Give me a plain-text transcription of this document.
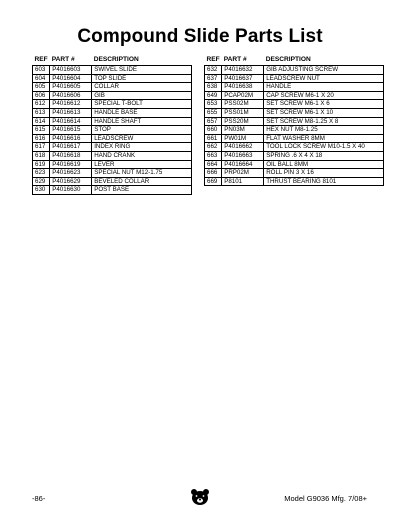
Compound Slide Parts List
REF	PART #	DESCRIPTION
603	P4016603	SWIVEL SLIDE
604	P4016604	TOP SLIDE
605	P4016605	COLLAR
606	P4016606	GIB
612	P4016612	SPECIAL T-BOLT
613	P4016613	HANDLE BASE
614	P4016614	HANDLE SHAFT
615	P4016615	STOP
616	P4016616	LEADSCREW
617	P4016617	INDEX RING
618	P4016618	HAND CRANK
619	P4016619	LEVER
623	P4016623	SPECIAL NUT M12-1.75
629	P4016629	BEVELED COLLAR
630	P4016630	POST BASE
REF	PART #	DESCRIPTION
632	P4016632	GIB ADJUSTING SCREW
637	P4016637	LEADSCREW NUT
638	P4016638	HANDLE
649	PCAP02M	CAP SCREW M6-1 X 20
653	PSS02M	SET SCREW M6-1 X 6
655	PSS01M	SET SCREW M6-1 X 10
657	PSS20M	SET SCREW M8-1.25 X 8
660	PN03M	HEX NUT M8-1.25
661	PW01M	FLAT WASHER 8MM
662	P4016662	TOOL LOCK SCREW M10-1.5 X 40
663	P4016663	SPRING .6 X 4 X 18
664	P4016664	OIL BALL 8MM
666	PRP02M	ROLL PIN 3 X 16
669	P8101	THRUST BEARING 8101
-86-	Model G9036 Mfg. 7/08+
